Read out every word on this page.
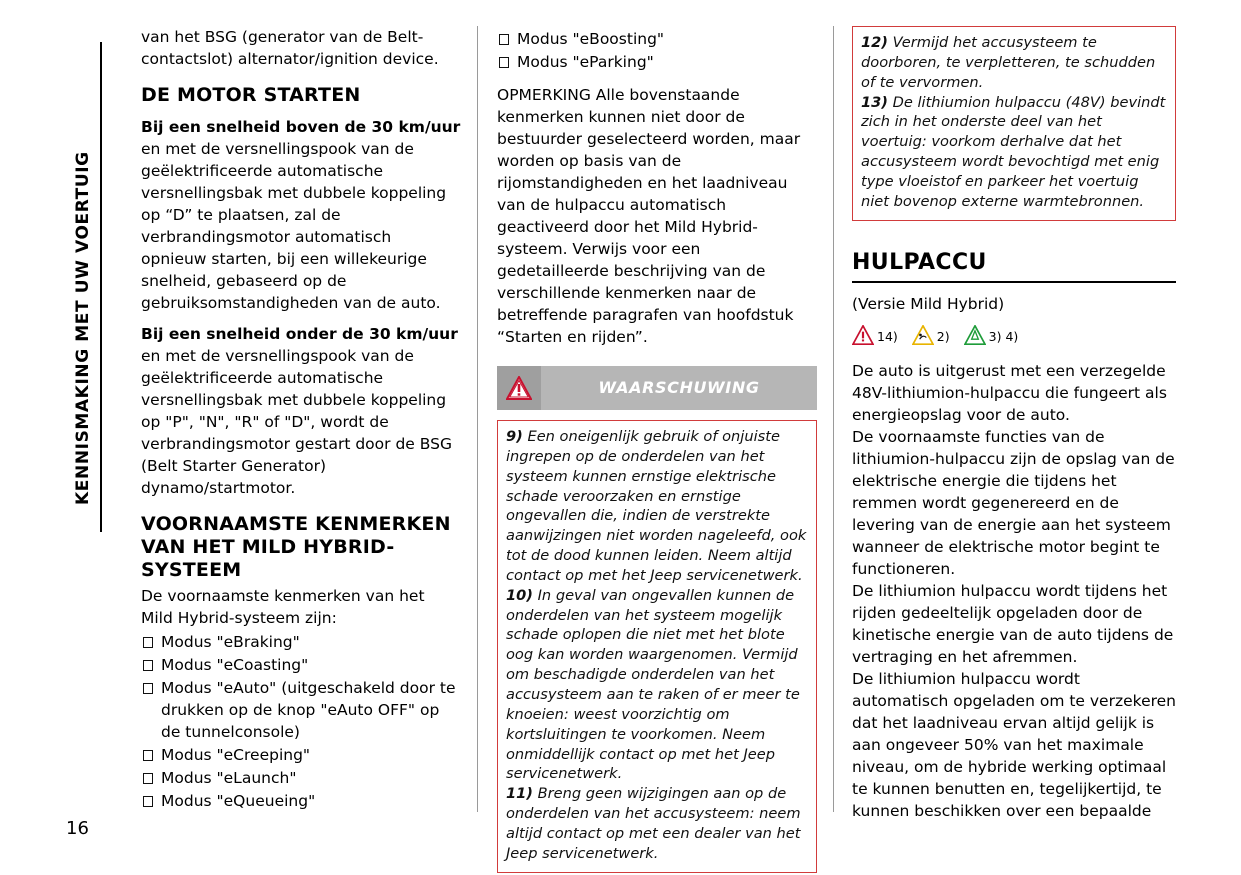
KENNISMAKING MET UW VOERTUIG

van het BSG (generator van de Belt-contactslot) alternator/ignition device.

DE MOTOR STARTEN
Bij een snelheid boven de 30 km/uur

en met de versnellingspook van de geëlektrificeerde automatische versnellingsbak met dubbele koppeling op “D” te plaatsen, zal de verbrandingsmotor automatisch opnieuw starten, bij een willekeurige snelheid, gebaseerd op de gebruiksomstandigheden van de auto.

Bij een snelheid onder de 30 km/uur

en met de versnellingspook van de geëlektrificeerde automatische versnellingsbak met dubbele koppeling op "P", "N", "R" of "D", wordt de verbrandingsmotor gestart door de BSG (Belt Starter Generator) dynamo/startmotor.

VOORNAAMSTE KENMERKEN VAN HET MILD HYBRID-SYSTEEM

De voornaamste kenmerken van het Mild Hybrid-systeem zijn:

Modus "eBraking"
Modus "eCoasting"
Modus "eAuto" (uitgeschakeld door te drukken op de knop "eAuto OFF" op de tunnelconsole)
Modus "eCreeping"
Modus "eLaunch"
Modus "eQueueing"
Modus "eBoosting"
Modus "eParking"

OPMERKING Alle bovenstaande kenmerken kunnen niet door de bestuurder geselecteerd worden, maar worden op basis van de rijomstandigheden en het laadniveau van de hulpaccu automatisch geactiveerd door het Mild Hybrid-systeem. Verwijs voor een gedetailleerde beschrijving van de verschillende kenmerken naar de betreffende paragrafen van hoofdstuk “Starten en rijden”.

WAARSCHUWING

9) Een oneigenlijk gebruik of onjuiste ingrepen op de onderdelen van het systeem kunnen ernstige elektrische schade veroorzaken en ernstige ongevallen die, indien de verstrekte aanwijzingen niet worden nageleefd, ook tot de dood kunnen leiden. Neem altijd contact op met het Jeep servicenetwerk.

10) In geval van ongevallen kunnen de onderdelen van het systeem mogelijk schade oplopen die niet met het blote oog kan worden waargenomen. Vermijd om beschadigde onderdelen van het accusysteem aan te raken of er meer te knoeien: weest voorzichtig om kortsluitingen te voorkomen. Neem onmiddellijk contact op met het Jeep servicenetwerk.

11) Breng geen wijzigingen aan op de onderdelen van het accusysteem: neem altijd contact op met een dealer van het Jeep servicenetwerk.

12) Vermijd het accusysteem te doorboren, te verpletteren, te schudden of te vervormen.

13) De lithiumion hulpaccu (48V) bevindt zich in het onderste deel van het voertuig: voorkom derhalve dat het accusysteem wordt bevochtigd met enig type vloeistof en parkeer het voertuig niet bovenop externe warmtebronnen.

HULPACCU

(Versie Mild Hybrid)

14)	2)	3) 4)

De auto is uitgerust met een verzegelde 48V-lithiumion-hulpaccu die fungeert als energieopslag voor de auto.

De voornaamste functies van de lithiumion-hulpaccu zijn de opslag van de elektrische energie die tijdens het remmen wordt gegenereerd en de levering van de energie aan het systeem wanneer de elektrische motor begint te functioneren.

De lithiumion hulpaccu wordt tijdens het rijden gedeeltelijk opgeladen door de kinetische energie van de auto tijdens de vertraging en het afremmen.

De lithiumion hulpaccu wordt automatisch opgeladen om te verzekeren dat het laadniveau ervan altijd gelijk is aan ongeveer 50% van het maximale niveau, om de hybride werking optimaal te kunnen benutten en, tegelijkertijd, te kunnen beschikken over een bepaalde

16
